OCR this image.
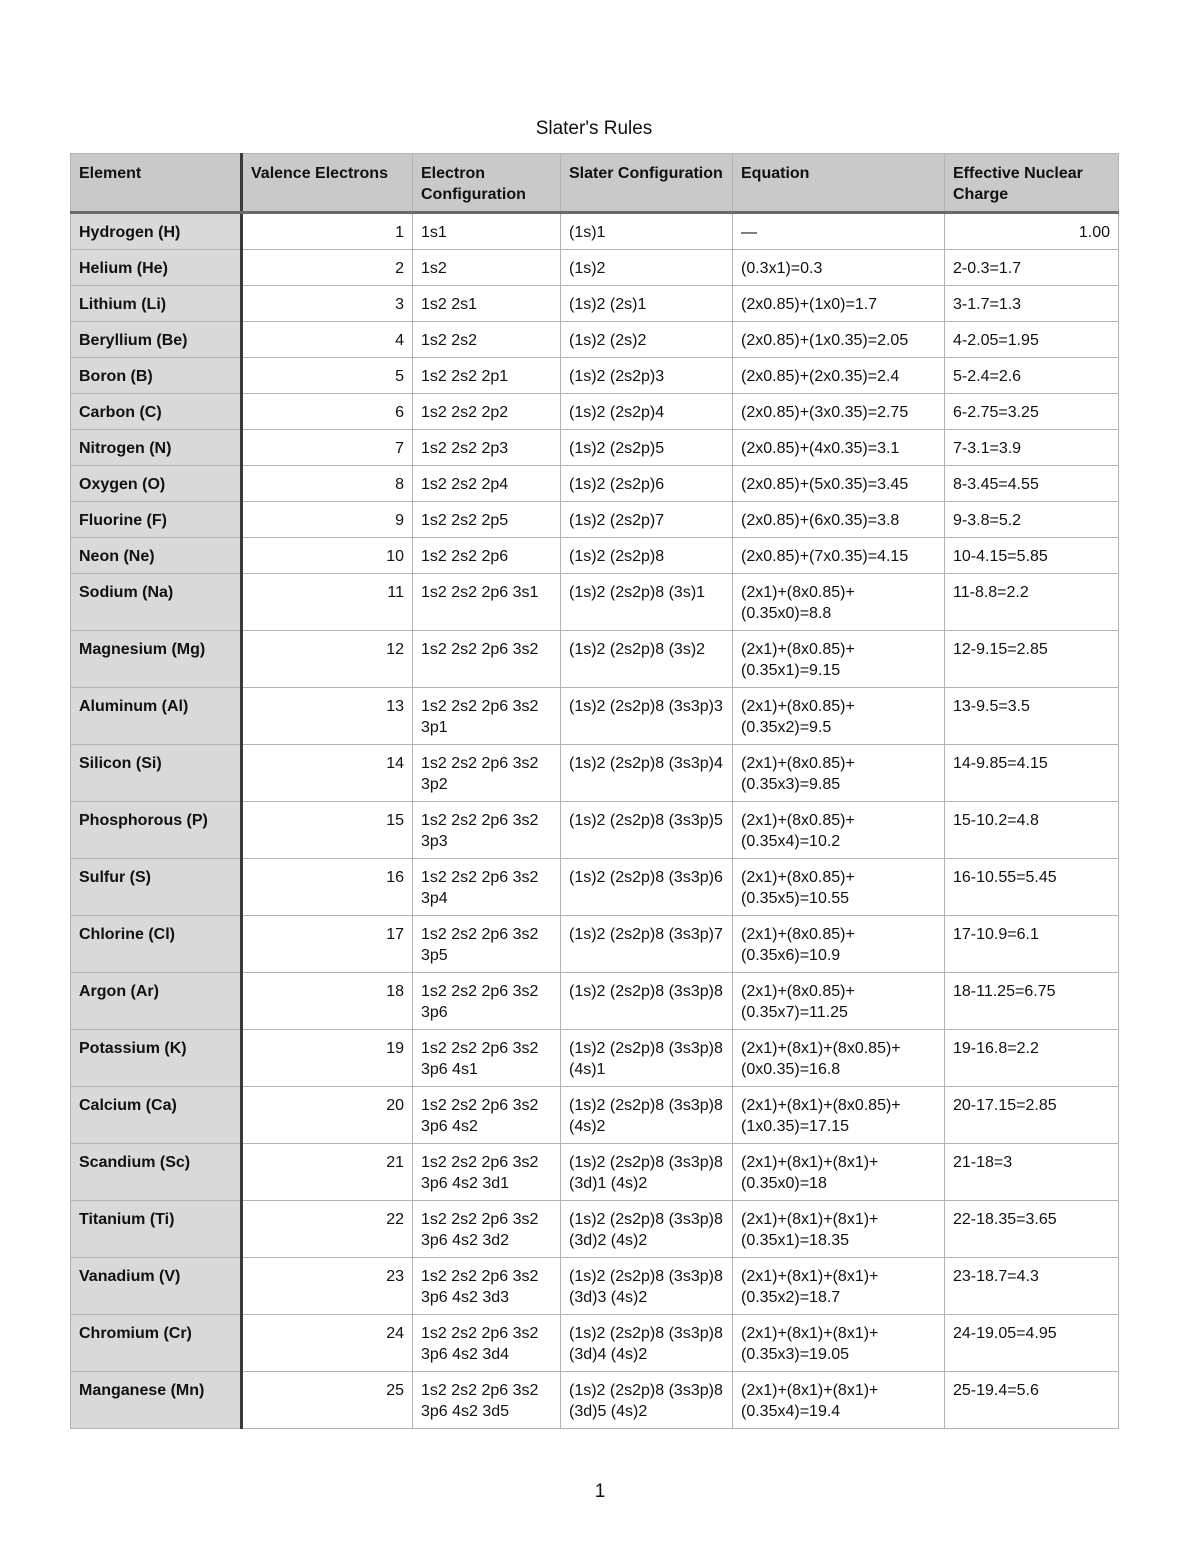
Slater's Rules
Element	Valence Electrons	Electron Configuration	Slater Configuration	Equation	Effective Nuclear Charge
Hydrogen (H)	1	1s1	(1s)1	—	1.00
Helium (He)	2	1s2	(1s)2	(0.3x1)=0.3	2-0.3=1.7
Lithium (Li)	3	1s2 2s1	(1s)2 (2s)1	(2x0.85)+(1x0)=1.7	3-1.7=1.3
Beryllium (Be)	4	1s2 2s2	(1s)2 (2s)2	(2x0.85)+(1x0.35)=2.05	4-2.05=1.95
Boron (B)	5	1s2 2s2 2p1	(1s)2 (2s2p)3	(2x0.85)+(2x0.35)=2.4	5-2.4=2.6
Carbon (C)	6	1s2 2s2 2p2	(1s)2 (2s2p)4	(2x0.85)+(3x0.35)=2.75	6-2.75=3.25
Nitrogen (N)	7	1s2 2s2 2p3	(1s)2 (2s2p)5	(2x0.85)+(4x0.35)=3.1	7-3.1=3.9
Oxygen (O)	8	1s2 2s2 2p4	(1s)2 (2s2p)6	(2x0.85)+(5x0.35)=3.45	8-3.45=4.55
Fluorine (F)	9	1s2 2s2 2p5	(1s)2 (2s2p)7	(2x0.85)+(6x0.35)=3.8	9-3.8=5.2
Neon (Ne)	10	1s2 2s2 2p6	(1s)2 (2s2p)8	(2x0.85)+(7x0.35)=4.15	10-4.15=5.85
Sodium (Na)	11	1s2 2s2 2p6 3s1	(1s)2 (2s2p)8 (3s)1	(2x1)+(8x0.85)+(0.35x0)=8.8	11-8.8=2.2
Magnesium (Mg)	12	1s2 2s2 2p6 3s2	(1s)2 (2s2p)8 (3s)2	(2x1)+(8x0.85)+(0.35x1)=9.15	12-9.15=2.85
Aluminum (Al)	13	1s2 2s2 2p6 3s2 3p1	(1s)2 (2s2p)8 (3s3p)3	(2x1)+(8x0.85)+(0.35x2)=9.5	13-9.5=3.5
Silicon (Si)	14	1s2 2s2 2p6 3s2 3p2	(1s)2 (2s2p)8 (3s3p)4	(2x1)+(8x0.85)+(0.35x3)=9.85	14-9.85=4.15
Phosphorous (P)	15	1s2 2s2 2p6 3s2 3p3	(1s)2 (2s2p)8 (3s3p)5	(2x1)+(8x0.85)+(0.35x4)=10.2	15-10.2=4.8
Sulfur (S)	16	1s2 2s2 2p6 3s2 3p4	(1s)2 (2s2p)8 (3s3p)6	(2x1)+(8x0.85)+(0.35x5)=10.55	16-10.55=5.45
Chlorine (Cl)	17	1s2 2s2 2p6 3s2 3p5	(1s)2 (2s2p)8 (3s3p)7	(2x1)+(8x0.85)+(0.35x6)=10.9	17-10.9=6.1
Argon (Ar)	18	1s2 2s2 2p6 3s2 3p6	(1s)2 (2s2p)8 (3s3p)8	(2x1)+(8x0.85)+(0.35x7)=11.25	18-11.25=6.75
Potassium (K)	19	1s2 2s2 2p6 3s2 3p6 4s1	(1s)2 (2s2p)8 (3s3p)8 (4s)1	(2x1)+(8x1)+(8x0.85)+(0x0.35)=16.8	19-16.8=2.2
Calcium (Ca)	20	1s2 2s2 2p6 3s2 3p6 4s2	(1s)2 (2s2p)8 (3s3p)8 (4s)2	(2x1)+(8x1)+(8x0.85)+(1x0.35)=17.15	20-17.15=2.85
Scandium (Sc)	21	1s2 2s2 2p6 3s2 3p6 4s2 3d1	(1s)2 (2s2p)8 (3s3p)8 (3d)1 (4s)2	(2x1)+(8x1)+(8x1)+(0.35x0)=18	21-18=3
Titanium (Ti)	22	1s2 2s2 2p6 3s2 3p6 4s2 3d2	(1s)2 (2s2p)8 (3s3p)8 (3d)2 (4s)2	(2x1)+(8x1)+(8x1)+(0.35x1)=18.35	22-18.35=3.65
Vanadium (V)	23	1s2 2s2 2p6 3s2 3p6 4s2 3d3	(1s)2 (2s2p)8 (3s3p)8 (3d)3 (4s)2	(2x1)+(8x1)+(8x1)+(0.35x2)=18.7	23-18.7=4.3
Chromium (Cr)	24	1s2 2s2 2p6 3s2 3p6 4s2 3d4	(1s)2 (2s2p)8 (3s3p)8 (3d)4 (4s)2	(2x1)+(8x1)+(8x1)+(0.35x3)=19.05	24-19.05=4.95
Manganese (Mn)	25	1s2 2s2 2p6 3s2 3p6 4s2 3d5	(1s)2 (2s2p)8 (3s3p)8 (3d)5 (4s)2	(2x1)+(8x1)+(8x1)+(0.35x4)=19.4	25-19.4=5.6
1
